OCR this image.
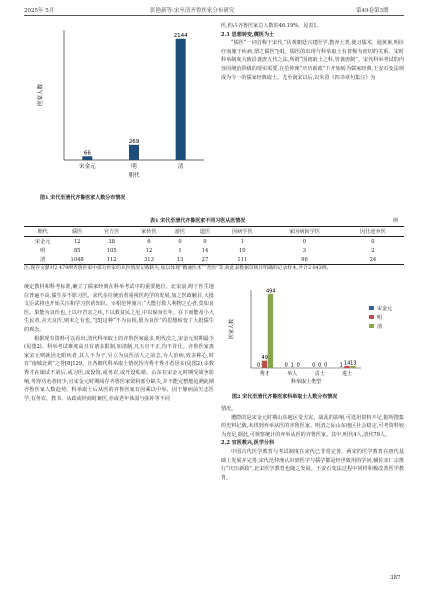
2025年 5月	张艳新等:宋至清齐鲁医家分布研究	第49卷第3期
66
宋金元
269
明
2144
清
朝代
医家人数
图1 宋代至清代齐鲁医家人数分布情况

医,约占齐鲁医家总人数的46.19%。见表1。

2.1 思想转变,儒医为士

“儒医”一词首称于宋代,“伏观朝廷兴建医学,教养士类,使习儒术、通黄素,明诊疗而施于疾病,谓之儒医”[4]。儒医的出现与科举取士有着极为密切的关系。宋时科举制度大致沿袭唐五代之法,所谓“国初取士之科,皆袭唐制”。宋代科举考试的内容因统治阶级的现实需要,在范仲淹“庆历新政”下开始转为儒家经典,王安石变法则成为令一的儒家经典取士。尤至南宋以后,以朱熹《四书章句集注》为

表1 宋代至清代齐鲁医家不同习医从医情况	例
朝代	儒医	官方医	家传医	游医	道医	因病学医	家因病转学医	因仕途弃医
宋金元	12	38	6	0	9	1	0	0
明	85	105	12	1	14	10	3	2
清	1048	112	313	13	27	111	96	24
注:现存文献对2 479例齐鲁医家中部分医家的从医情况记载缺失,加以体现“精通医术”“善医”等,故此表数据仅统计明确的记录样本,共计2 043例。

统定教材和科考标准,确立了儒家经典在科举考试中的重要地位。北宋前,碍于医生地位普遍不高,儒生多不愿习医。宋代多位统治者重视医药学的发展,加之医政触目,大批文臣武将也开始关注和学习医药知识。宰相范仲淹言:“大能行救人利物之心者,莫如良医。果能为良医也,上以疗君亲之疾,下以救贫民之厄,中以保身长年。在下而能及小大生民者,舍夫良医,则未之有也。”[5]这种“不为良相,愿为良医”的思想转变了大批儒生的观念。

根据现有资料可以看出,清代科举取士的齐鲁医家最多,明代次之,宋金元时期最少(见图2)。科举考试难度高且有诸多限制,如清制,凡五官不正,均不许仕。齐鲁医家离家宋元则就因无眼疾者,其人不为子,另立为良医活人之前志,为人治病,效多称心,时有“南城北黄”之誉[8]129。且各朝代科举取士情况均为秀才秀才者居多(见图2),多数秀才在屡试不第后,或习医,或设馆,或务农,或开设私塾。山东在宋金元时期受战争影响,考得功名者较少,且宋金元时期阅存齐鲁医家资料部分缺失,并不能完整地追溯此期齐鲁医家人数趋势。科举取士后从医的齐鲁医家有因乘以中举、因于躯病前矢志医学,有务农、教书、从政或经商时兼医,亦或老年体弱与弥补等不同

0
49
494
秀才
0 1 0
举人
0 0 0
贡士
1 14 13
进士
科举取士类型
医家人数
宋金元
明
清
图2 宋代至清代齐鲁医家科举取士人数分布情况

情况。

遭際的是宋金元时期山东地区受天灾、战乱的影响,可选用资料不足,据所搜集的史料记载,未找到弃举从医的齐鲁医家。明清之际山东地区社会稳定,可考资料较为充足,据此,可观察统计的弃举从医的齐鲁医家。其中,明代4人,清代79人。

2.2 官医教兴,医学分科

中国古代医学教育与考试制度在宋代已非常完善。两宋的医学教育在唐代基础上发展并完善,宋代范仲淹认识到医学与儒学都是经世致用的学问,辅佐宋仁宗推行“庆历新政”,北宋医学教育也随之发展。王安石变法过程中同样积极改善医学教育,

387
